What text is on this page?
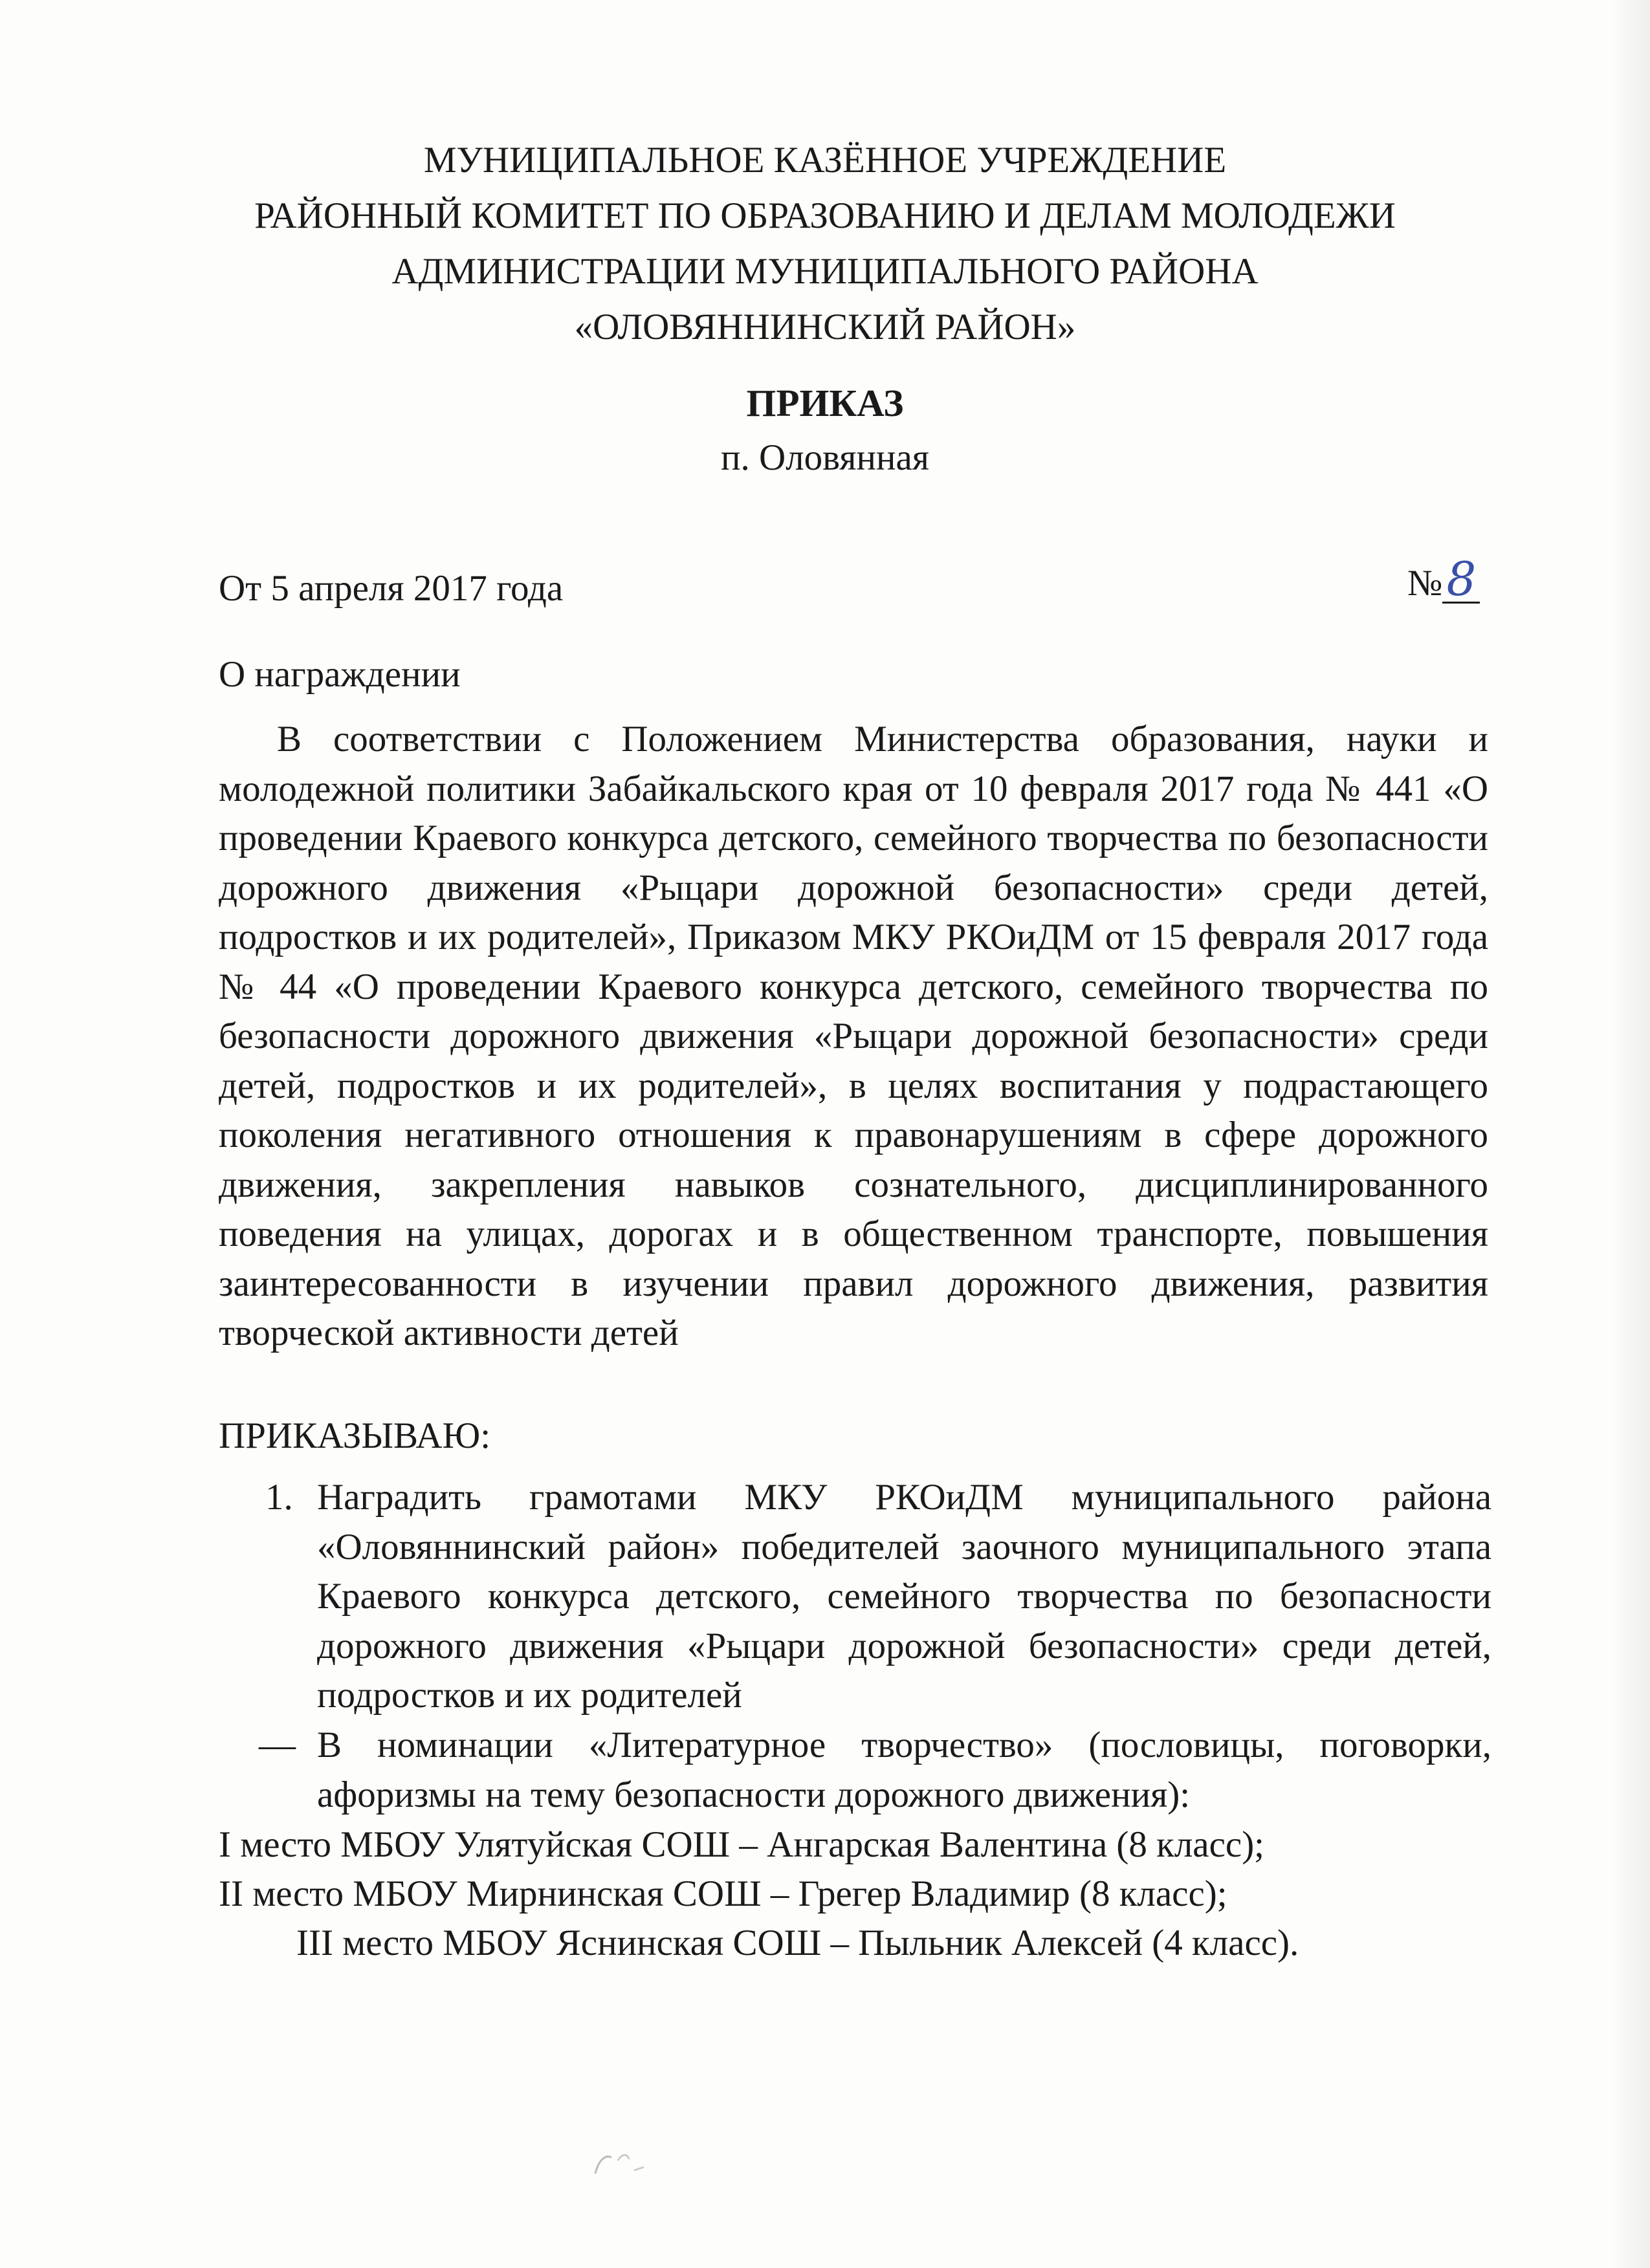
МУНИЦИПАЛЬНОЕ КАЗЁННОЕ УЧРЕЖДЕНИЕ
РАЙОННЫЙ КОМИТЕТ ПО ОБРАЗОВАНИЮ И ДЕЛАМ МОЛОДЕЖИ
АДМИНИСТРАЦИИ МУНИЦИПАЛЬНОГО РАЙОНА
«ОЛОВЯННИНСКИЙ РАЙОН»
ПРИКАЗ
п. Оловянная
От 5 апреля 2017 года	№8
О награждении

В соответствии с Положением Министерства образования, науки и молодежной политики Забайкальского края от 10 февраля 2017 года № 441 «О проведении Краевого конкурса детского, семейного творчества по безопасности дорожного движения «Рыцари дорожной безопасности» среди детей, подростков и их родителей», Приказом МКУ РКОиДМ от 15 февраля 2017 года № 44 «О проведении Краевого конкурса детского, семейного творчества по безопасности дорожного движения «Рыцари дорожной безопасности» среди детей, подростков и их родителей», в целях воспитания у подрастающего поколения негативного отношения к правонарушениям в сфере дорожного движения, закрепления навыков сознательного, дисциплинированного поведения на улицах, дорогах и в общественном транспорте, повышения заинтересованности в изучении правил дорожного движения, развития творческой активности детей

ПРИКАЗЫВАЮ:
1. Наградить грамотами МКУ РКОиДМ муниципального района «Оловяннинский район» победителей заочного муниципального этапа Краевого конкурса детского, семейного творчества по безопасности дорожного движения «Рыцари дорожной безопасности» среди детей, подростков и их родителей

— В номинации «Литературное творчество» (пословицы, поговорки, афоризмы на тему безопасности дорожного движения):

I место МБОУ Улятуйская СОШ – Ангарская Валентина (8 класс);
II место МБОУ Мирнинская СОШ – Грегер Владимир (8 класс);
III место МБОУ Яснинская СОШ – Пыльник Алексей (4 класс).
